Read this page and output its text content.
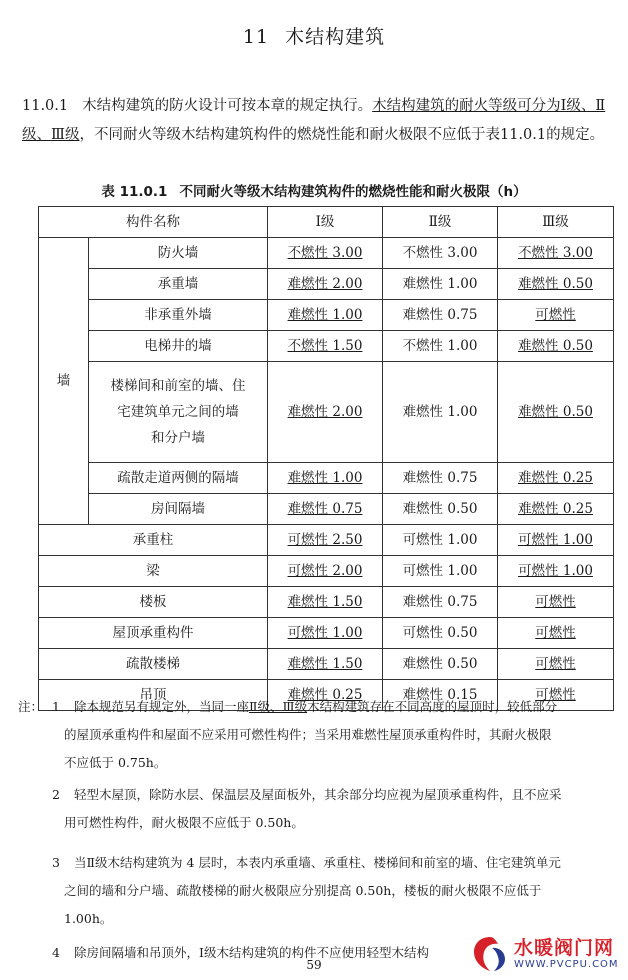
11 木结构建筑
11.0.1 木结构建筑的防火设计可按本章的规定执行。木结构建筑的耐火等级可分为Ⅰ级、Ⅱ级、Ⅲ级，不同耐火等级木结构建筑构件的燃烧性能和耐火极限不应低于表11.0.1的规定。
表 11.0.1 不同耐火等级木结构建筑构件的燃烧性能和耐火极限（h）
构件名称		Ⅰ级	Ⅱ级	Ⅲ级
墙	防火墙	不燃性 3.00	不燃性 3.00	不燃性 3.00
	承重墙	难燃性 2.00	难燃性 1.00	难燃性 0.50
	非承重外墙	难燃性 1.00	难燃性 0.75	可燃性
	电梯井的墙	不燃性 1.50	不燃性 1.00	难燃性 0.50

	楼梯间和前室的墙、住
宅建筑单元之间的墙
和分户墙	难燃性 2.00	难燃性 1.00	难燃性 0.50
	疏散走道两侧的隔墙	难燃性 1.00	难燃性 0.75	难燃性 0.25
	房间隔墙	难燃性 0.75	难燃性 0.50	难燃性 0.25
承重柱		可燃性 2.50	可燃性 1.00	可燃性 1.00
梁		可燃性 2.00	可燃性 1.00	可燃性 1.00
楼板		难燃性 1.50	难燃性 0.75	可燃性
屋顶承重构件		可燃性 1.00	可燃性 0.50	可燃性
疏散楼梯		难燃性 1.50	难燃性 0.50	可燃性
吊顶		难燃性 0.25	难燃性 0.15	可燃性
注： 1 除本规范另有规定外，当同一座Ⅱ级、Ⅲ级木结构建筑存在不同高度的屋顶时，较低部分
的屋顶承重构件和屋面不应采用可燃性构件；当采用难燃性屋顶承重构件时，其耐火极限
不应低于 0.75h。
2 轻型木屋顶，除防水层、保温层及屋面板外，其余部分均应视为屋顶承重构件，且不应采
用可燃性构件，耐火极限不应低于 0.50h。
3 当Ⅱ级木结构建筑为 4 层时，本表内承重墙、承重柱、楼梯间和前室的墙、住宅建筑单元
之间的墙和分户墙、疏散楼梯的耐火极限应分别提高 0.50h，楼板的耐火极限不应低于
1.00h。
4 除房间隔墙和吊顶外，Ⅰ级木结构建筑的构件不应使用轻型木结构
59
水暖阀门网
WWW.PVCPU.COM
